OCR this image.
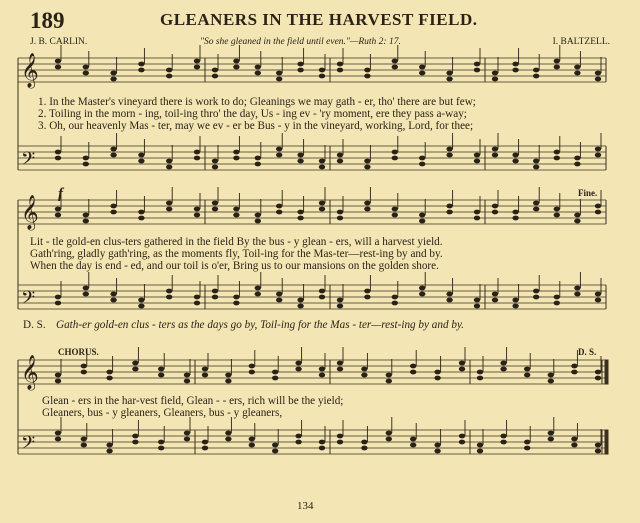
189	GLEANERS IN THE HARVEST FIELD.
J. B. CARLIN.	"So she gleaned in the field until even."—Ruth 2: 17.	I. BALTZELL.
𝄞
𝄢
𝄞
𝄢
𝄞
𝄢
1. In the Master's vineyard there is work to do; Gleanings we may gath - er, tho' there are but few;
2. Toiling in the morn - ing, toil-ing thro' the day, Us - ing ev - 'ry moment, ere they pass a-way;
3. Oh, our heavenly Mas - ter, may we ev - er be Bus - y in the vineyard, working, Lord, for thee;
f	Fine.
Lit - tle gold-en clus-ters gathered in the field By the bus - y glean - ers, will a harvest yield.
Gath'ring, gladly gath'ring, as the moments fly, Toil-ing for the Mas-ter—rest-ing by and by.
When the day is end - ed, and our toil is o'er, Bring us to our mansions on the golden shore.
D. S. Gath-er gold-en clus - ters as the days go by, Toil-ing for the Mas - ter—rest-ing by and by.
CHORUS.	D. S.
Glean - ers in the har-vest field, Glean - - ers, rich will be the yield;
Gleaners, bus - y gleaners, Gleaners, bus - y gleaners,
134
